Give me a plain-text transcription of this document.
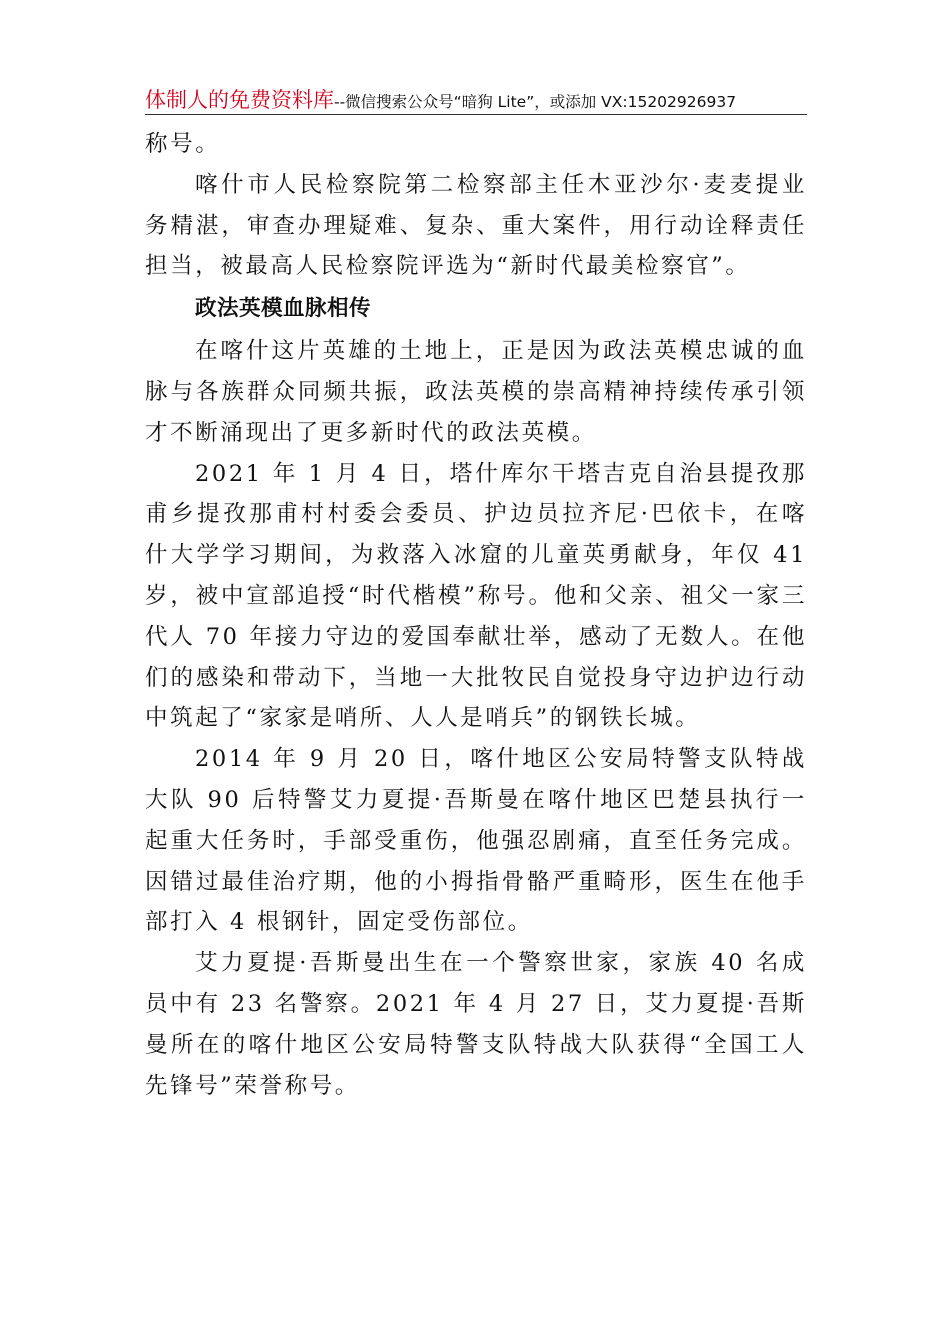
体制人的免费资料库--微信搜索公众号“暗狗 Lite”，或添加 VX:15202926937

称号。

喀什市人民检察院第二检察部主任木亚沙尔·麦麦提业务精湛，审查办理疑难、复杂、重大案件，用行动诠释责任担当，被最高人民检察院评选为“新时代最美检察官”。

政法英模血脉相传

在喀什这片英雄的土地上，正是因为政法英模忠诚的血脉与各族群众同频共振，政法英模的崇高精神持续传承引领才不断涌现出了更多新时代的政法英模。

2021 年 1 月 4 日，塔什库尔干塔吉克自治县提孜那甫乡提孜那甫村村委会委员、护边员拉齐尼·巴依卡，在喀什大学学习期间，为救落入冰窟的儿童英勇献身，年仅 41 岁，被中宣部追授“时代楷模”称号。他和父亲、祖父一家三代人 70 年接力守边的爱国奉献壮举，感动了无数人。在他们的感染和带动下，当地一大批牧民自觉投身守边护边行动中筑起了“家家是哨所、人人是哨兵”的钢铁长城。

2014 年 9 月 20 日，喀什地区公安局特警支队特战大队 90 后特警艾力夏提·吾斯曼在喀什地区巴楚县执行一起重大任务时，手部受重伤，他强忍剧痛，直至任务完成。因错过最佳治疗期，他的小拇指骨骼严重畸形，医生在他手部打入 4 根钢针，固定受伤部位。

艾力夏提·吾斯曼出生在一个警察世家，家族 40 名成员中有 23 名警察。2021 年 4 月 27 日，艾力夏提·吾斯曼所在的喀什地区公安局特警支队特战大队获得“全国工人先锋号”荣誉称号。
